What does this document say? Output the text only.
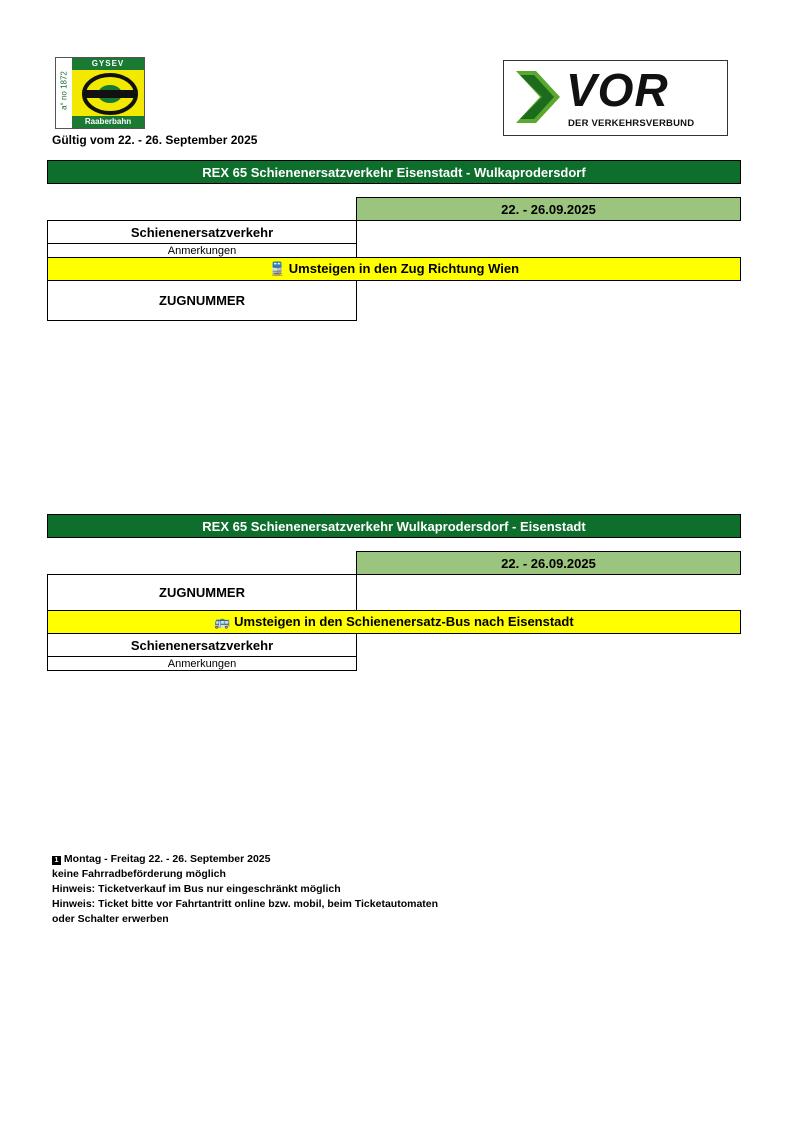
a° no 1872
GYSEV
Raaberbahn
VOR
DER VERKEHRSVERBUND
Gültig vom 22. - 26. September 2025
REX 65 Schienenersatzverkehr Eisenstadt - Wulkaprodersdorf

	22. - 26.09.2025
Schienenersatzverkehr
Anmerkungen
🚆 Umsteigen in den Zug Richtung Wien
ZUGNUMMER
REX 65 Schienenersatzverkehr Wulkaprodersdorf - Eisenstadt

	22. - 26.09.2025
ZUGNUMMER
🚌 Umsteigen in den Schienenersatz-Bus nach Eisenstadt
Schienenersatzverkehr
Anmerkungen
1 Montag - Freitag 22. - 26. September 2025
keine Fahrradbeförderung möglich
Hinweis: Ticketverkauf im Bus nur eingeschränkt möglich
Hinweis: Ticket bitte vor Fahrtantritt online bzw. mobil, beim Ticketautomaten
oder Schalter erwerben
